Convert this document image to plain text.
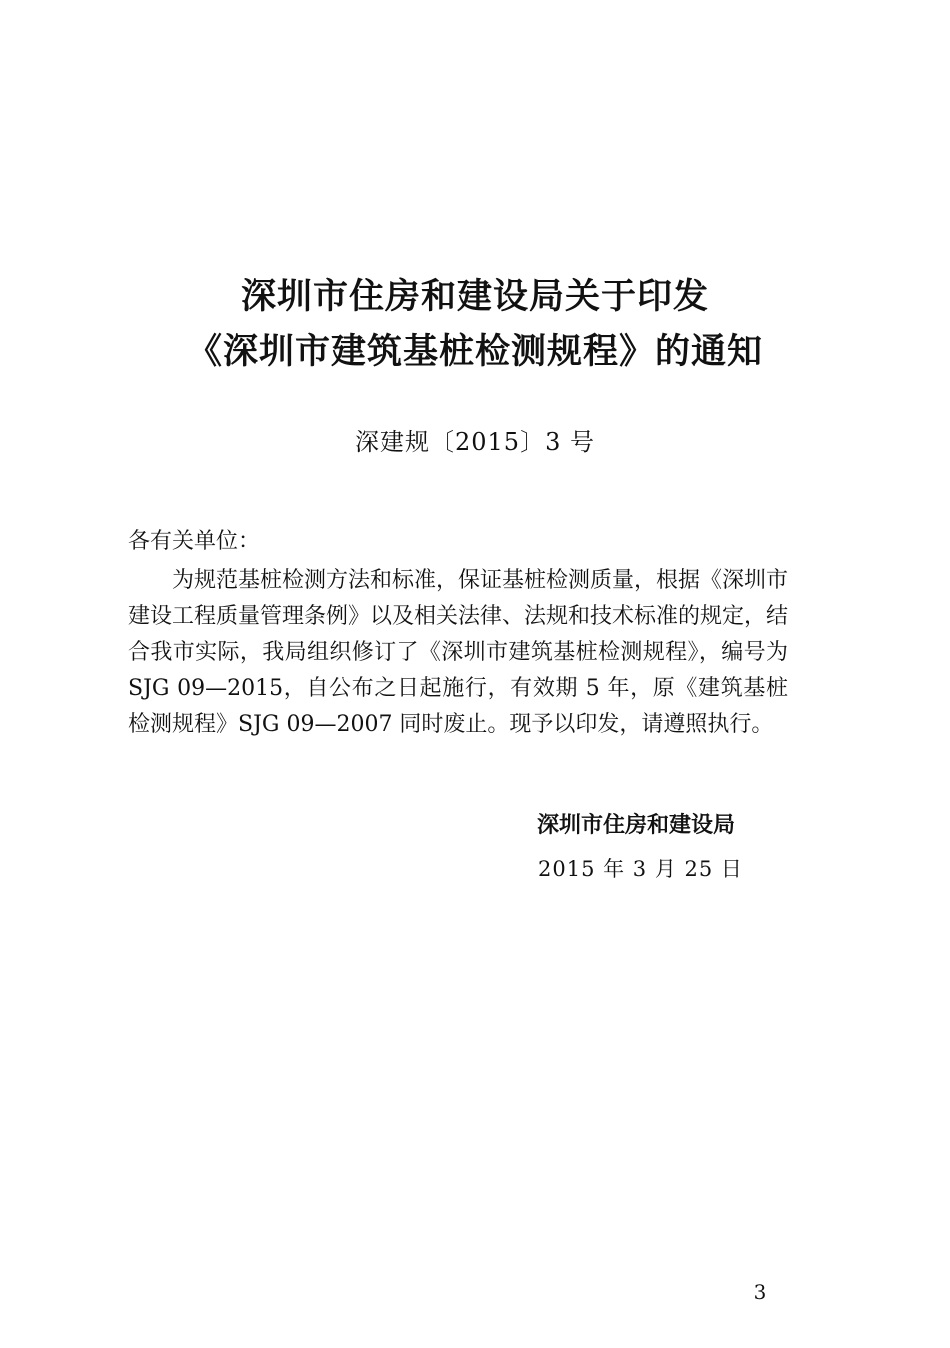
深圳市住房和建设局关于印发
《深圳市建筑基桩检测规程》的通知
深建规〔2015〕3 号
各有关单位：
为规范基桩检测方法和标准，保证基桩检测质量，根据《深圳市建设工程质量管理条例》以及相关法律、法规和技术标准的规定，结合我市实际，我局组织修订了《深圳市建筑基桩检测规程》，编号为 SJG 09—2015，自公布之日起施行，有效期 5 年，原《建筑基桩检测规程》SJG 09—2007 同时废止。现予以印发，请遵照执行。
深圳市住房和建设局
2015 年 3 月 25 日
3
